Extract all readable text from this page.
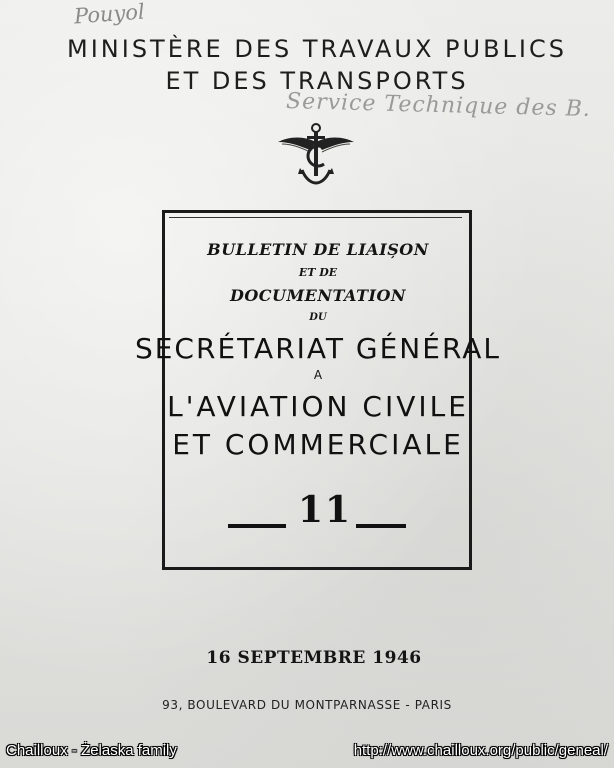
Pouyol
MINISTÈRE DES TRAVAUX PUBLICS
ET DES TRANSPORTS
Service Technique des B.
BULLETIN DE LIAIȘON
ET DE
DOCUMENTATION
DU
SECRÉTARIAT GÉNÉRAL
A
L'AVIATION CIVILE
ET COMMERCIALE
11
16 SEPTEMBRE 1946
93, BOULEVARD DU MONTPARNASSE - PARIS
Chailloux - Żelaska family	http://www.chailloux.org/public/geneal/
